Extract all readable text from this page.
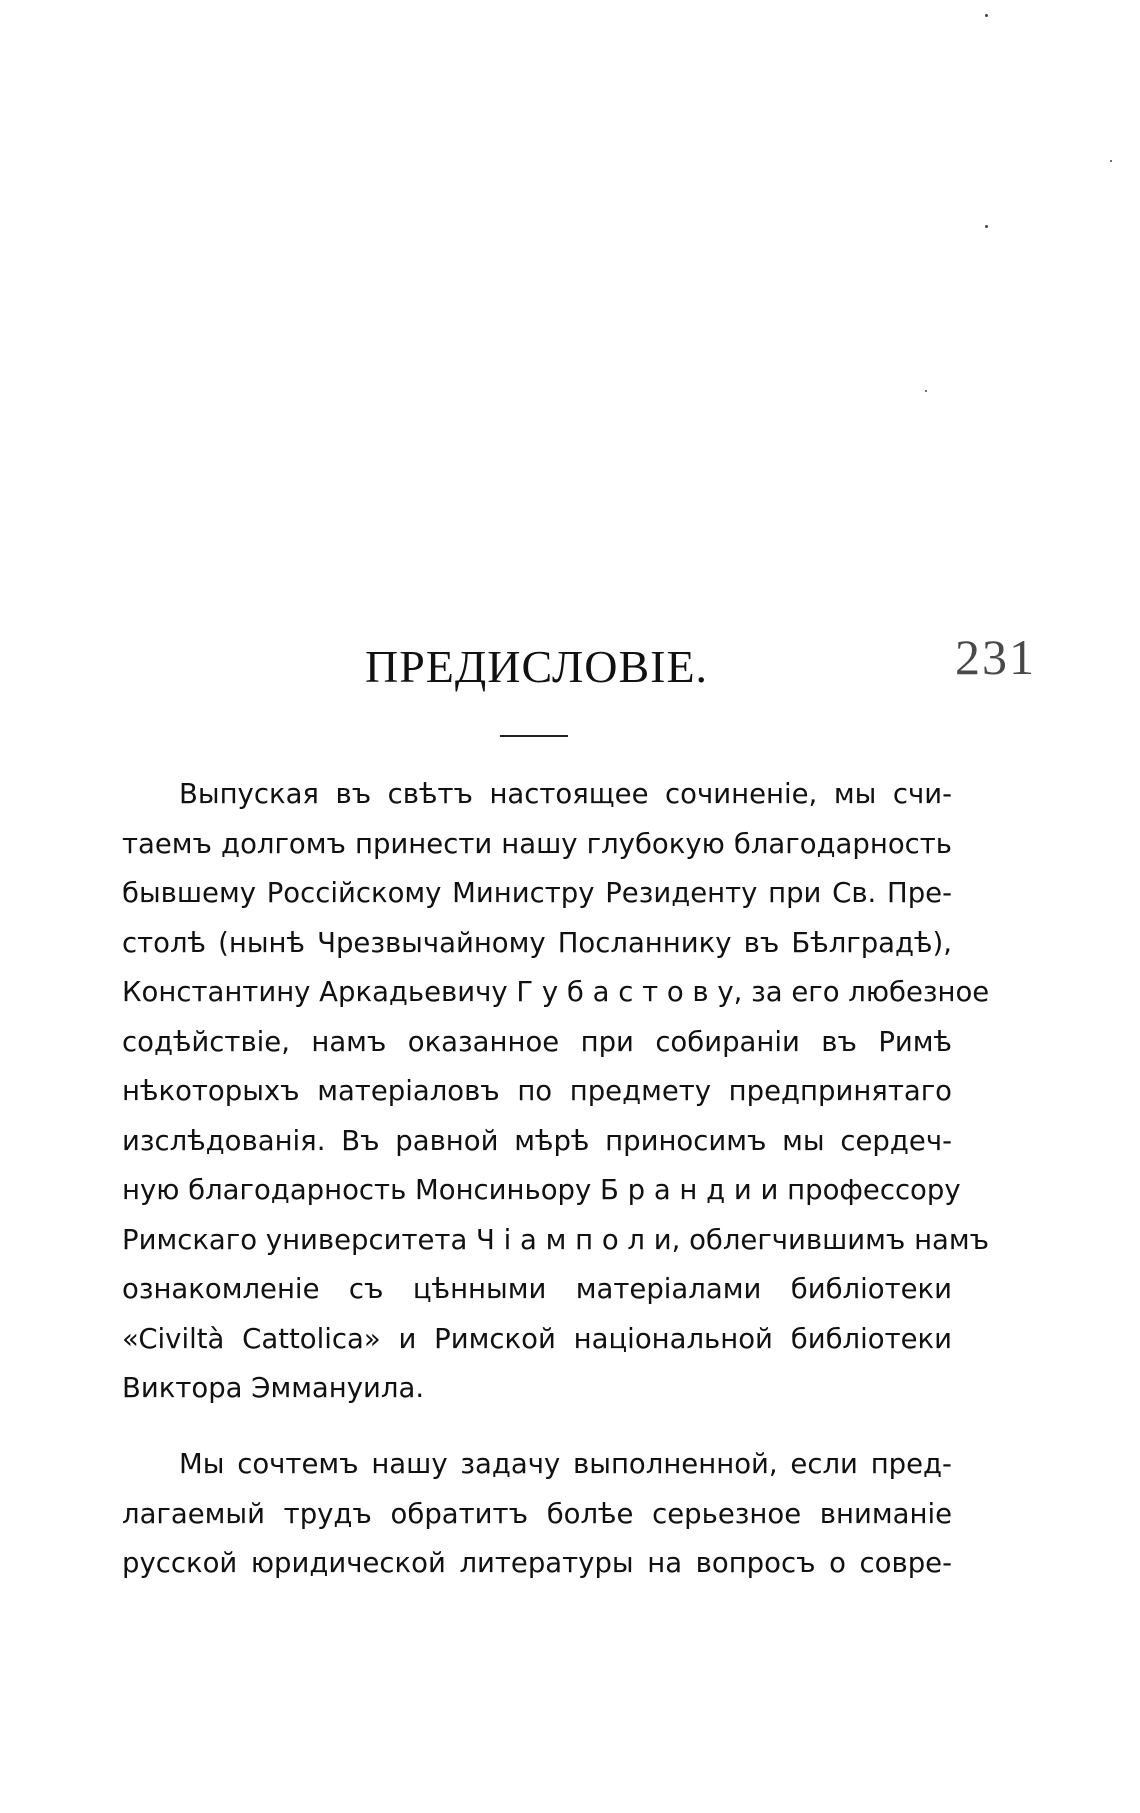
231
ПРЕДИСЛОВІЕ.
Выпуская въ свѣтъ настоящее сочиненіе, мы счи-
таемъ долгомъ принести нашу глубокую благодарность
бывшему Россійскому Министру Резиденту при Св. Пре-
столѣ (нынѣ Чрезвычайному Посланнику въ Бѣлградѣ),
Константину Аркадьевичу Г у б а с т о в у, за его любезное
содѣйствіе, намъ оказанное при собираніи въ Римѣ
нѣкоторыхъ матеріаловъ по предмету предпринятаго
изслѣдованія. Въ равной мѣрѣ приносимъ мы сердеч-
ную благодарность Монсиньору Б р а н д и и профессору
Римскаго университета Ч і а м п о л и, облегчившимъ намъ
ознакомленіе съ цѣнными матеріалами библіотеки
«Civiltà Cattolica» и Римской національной библіотеки
Виктора Эммануила.
Мы сочтемъ нашу задачу выполненной, если пред-
лагаемый трудъ обратитъ болѣе серьезное вниманіе
русской юридической литературы на вопросъ о совре-
